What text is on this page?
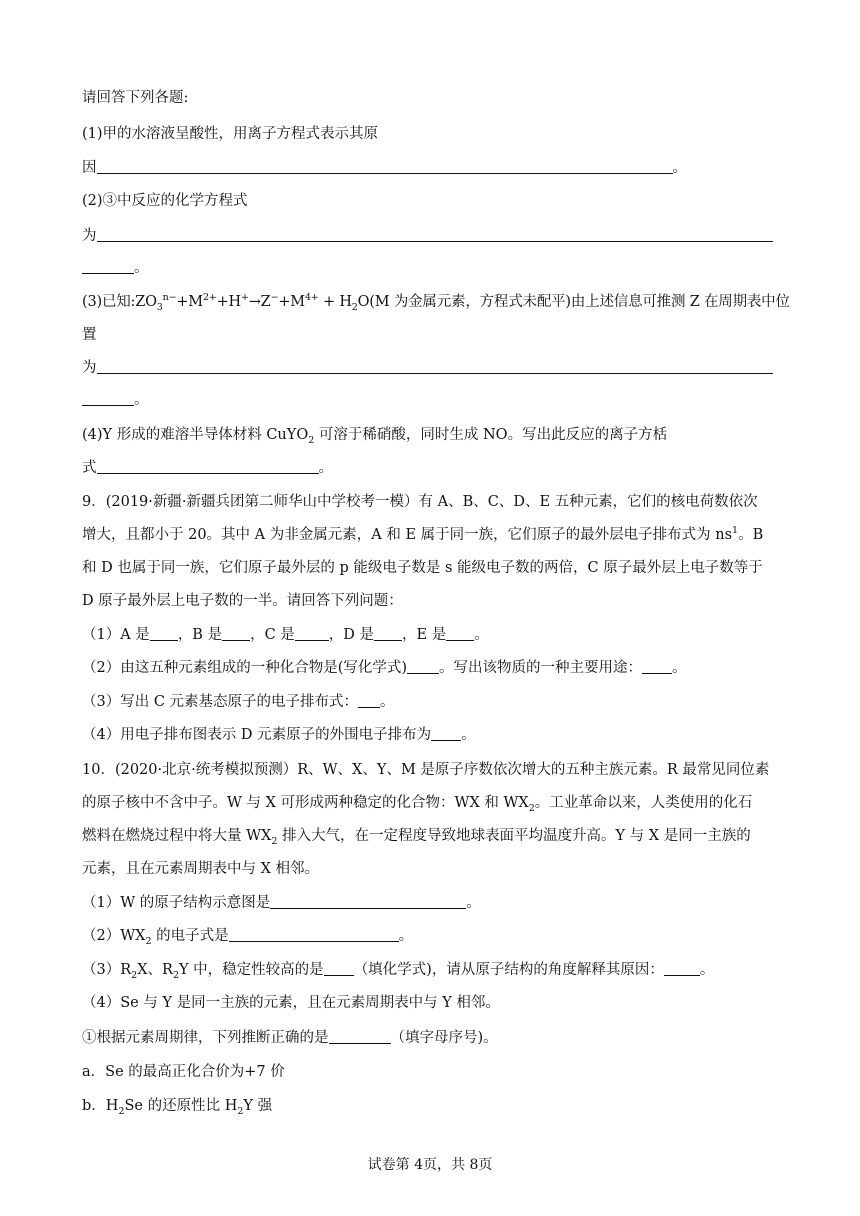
请回答下列各题:
(1)甲的水溶液呈酸性，用离子方程式表示其原
因	。
(2)③中反应的化学方程式
为
。
(3)已知$:ZO_3^{n-}+M^{2+}+H^+\to Z^-+M^{4+} + H_2O(M$ 为金属元素，方程式未配平)由上述信息可推测 Z 在周期表中位
置
为
。
(4)Y 形成的难溶半导体材料 CuYO$_2$ 可溶于稀硝酸，同时生成 NO。写出此反应的离子方栝
式	。
9．(2019·新疆·新疆兵团第二师华山中学校考一模）有 A、B、C、D、E 五种元素，它们的核电荷数依次
增大，且都小于 20。其中 A 为非金属元素，A 和 E 属于同一族，它们原子的最外层电子排布式为 $ns^1$。B
和 D 也属于同一族，它们原子最外层的 p 能级电子数是 s 能级电子数的两倍，C 原子最外层上电子数等于
D 原子最外层上电子数的一半。请回答下列问题：
（1）A 是 ，B 是 ，C 是 ，D 是 ，E 是 。
（2）由这五种元素组成的一种化合物是(写化学式) 。写出该物质的一种主要用途： 。
（3）写出 C 元素基态原子的电子排布式： 。
（4）用电子排布图表示 D 元素原子的外围电子排布为 。
10．(2020·北京·统考模拟预测）R、W、X、Y、M 是原子序数依次增大的五种主族元素。R 最常见同位素
的原子核中不含中子。W 与 X 可形成两种稳定的化合物：WX 和 $WX_2$。工业革命以来，人类使用的化石
燃料在燃烧过程中将大量 $WX_2$ 排入大气，在一定程度导致地球表面平均温度升高。Y 与 X 是同一主族的
元素，且在元素周期表中与 X 相邻。
（1）W 的原子结构示意图是	。
$(2)WX_2$ 的电子式是	。
$(3)R_2X$、$R_2Y$ 中，稳定性较高的是 （填化学式)，请从原子结构的角度解释其原因： 。
（4）Se 与 Y 是同一主族的元素，且在元素周期表中与 Y 相邻。
①根据元素周期律，下列推断正确的是	（填字母序号)。
a．Se 的最高正化合价为+7 价
b．$H_2Se$ 的还原性比 $H_2Y$ 强
试卷第 4页，共 8页
